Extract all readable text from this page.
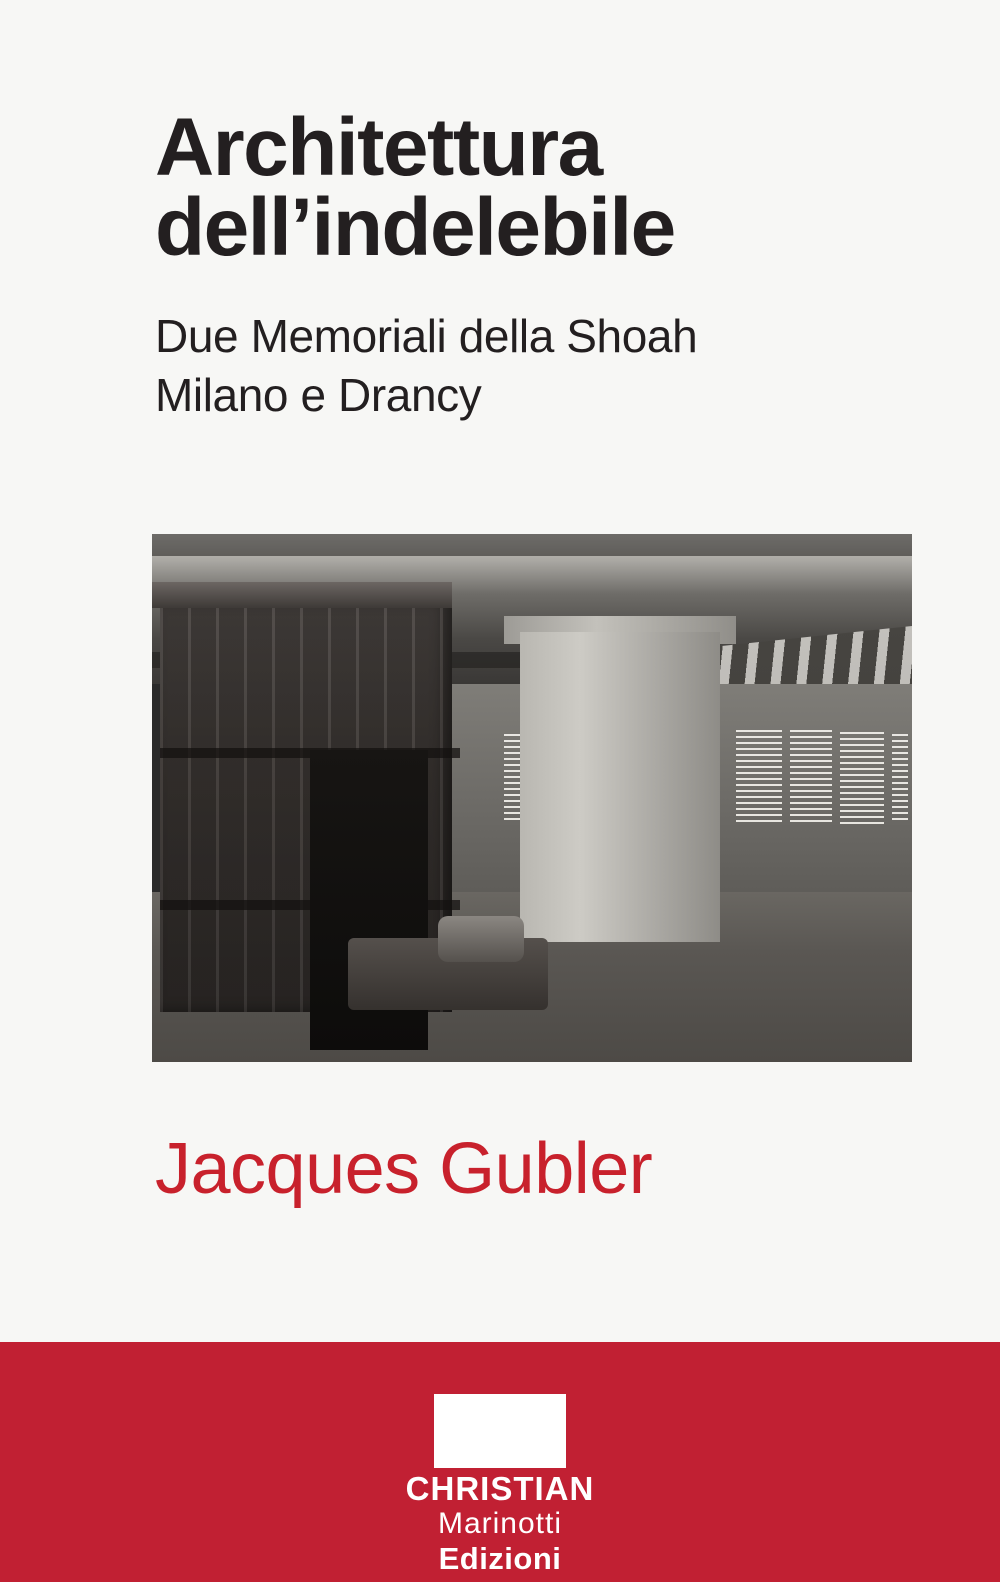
Architettura dell’indelebile
Due Memoriali della Shoah
Milano e Drancy
Jacques Gubler
CHRISTIAN
Marinotti
Edizioni
